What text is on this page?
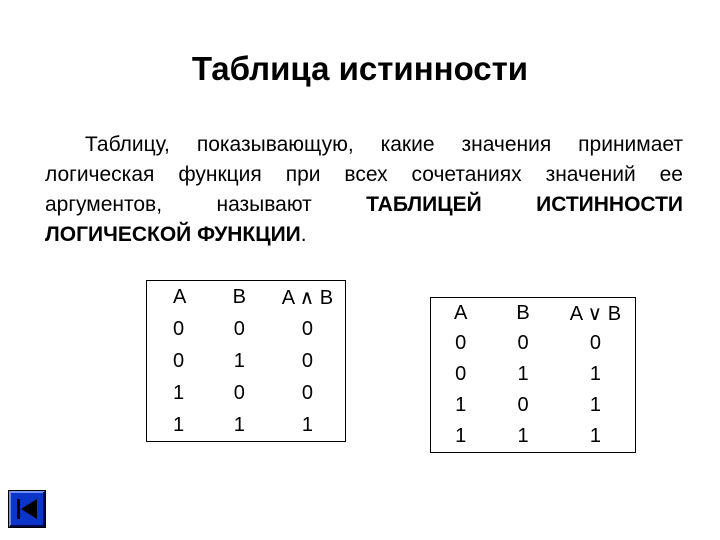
Таблица истинности
Таблицу, показывающую, какие значения принимает логическая функция при всех сочетаниях значений ее аргументов, называют ТАБЛИЦЕЙ ИСТИННОСТИ ЛОГИЧЕСКОЙ ФУНКЦИИ.
A	B	A ∧ B
0	0	0
0	1	0
1	0	0
1	1	1
A	B	A ∨ B
0	0	0
0	1	1
1	0	1
1	1	1
